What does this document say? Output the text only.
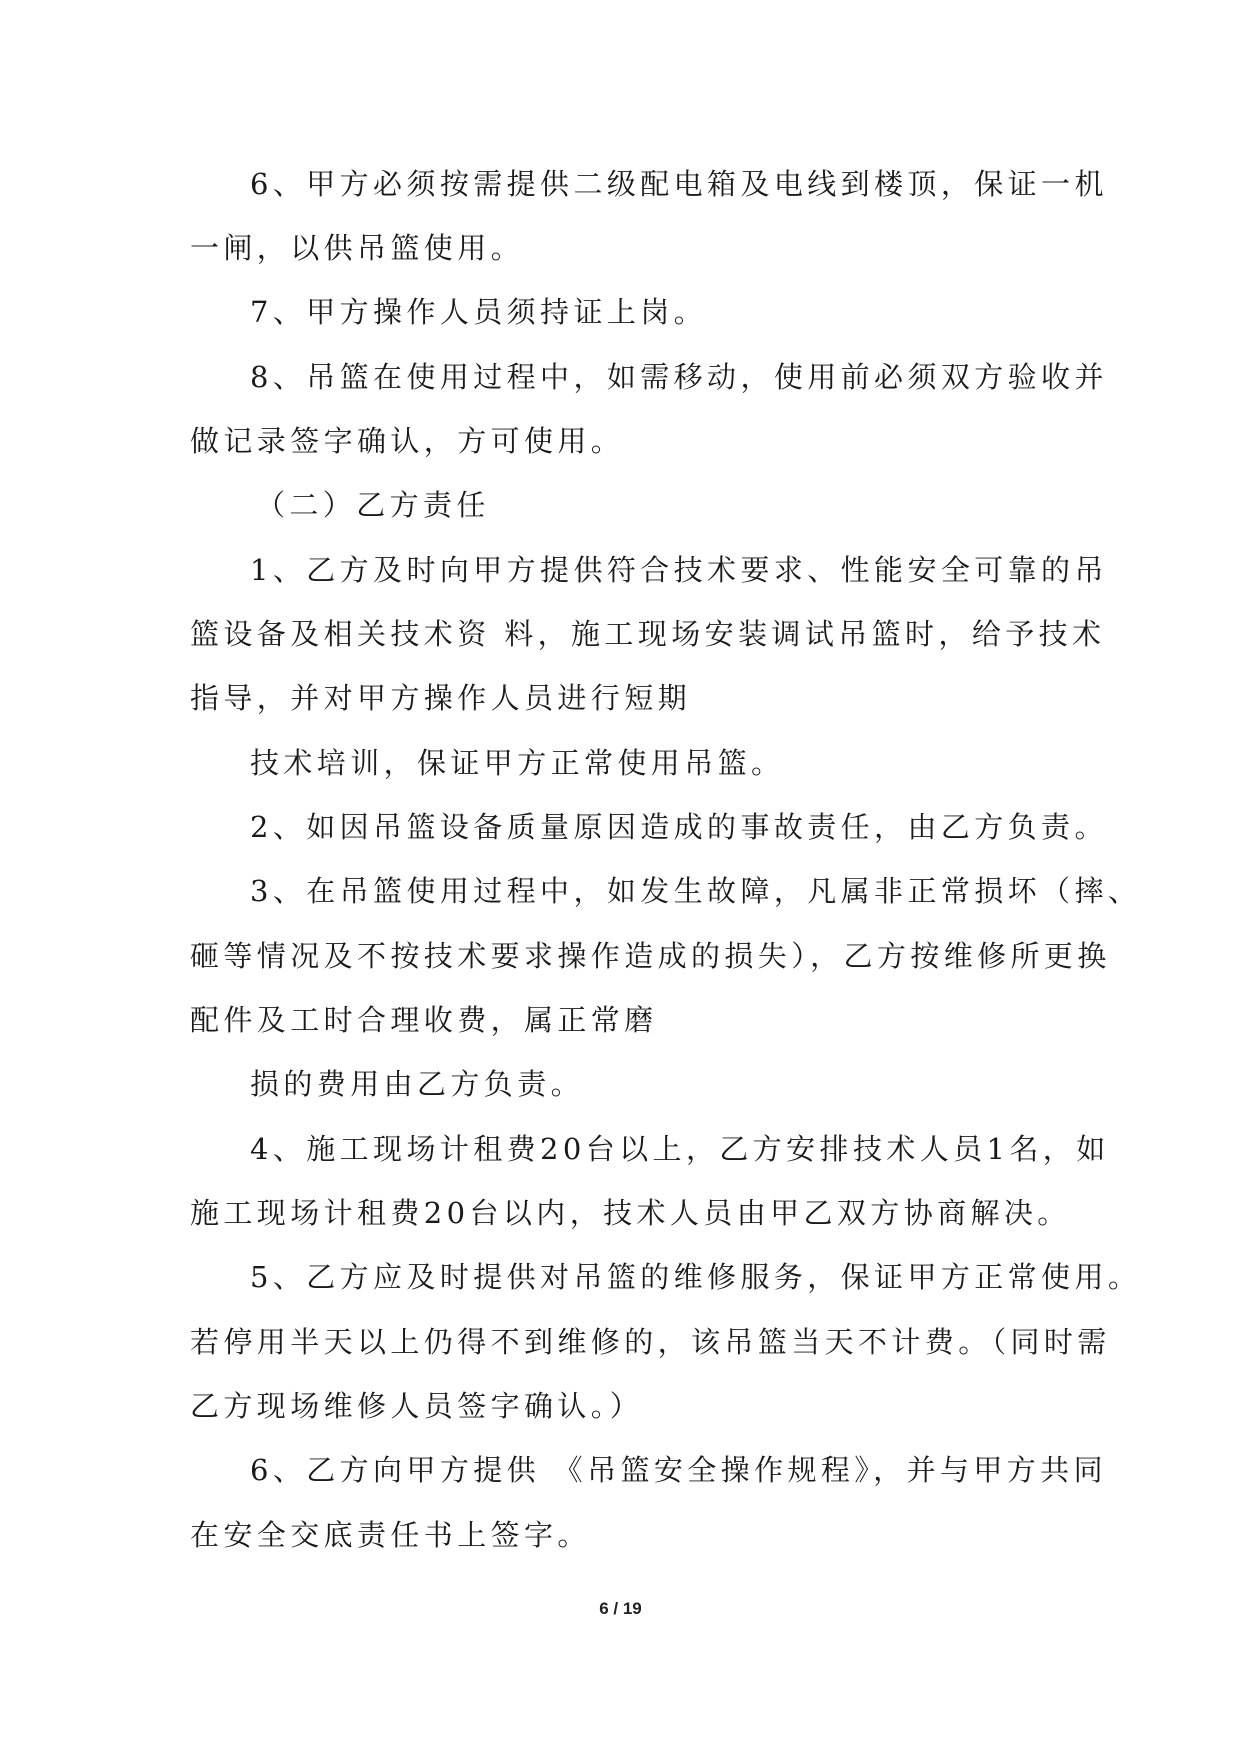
6、甲方必须按需提供二级配电箱及电线到楼顶，保证一机
一闸，以供吊篮使用。
7、甲方操作人员须持证上岗。
8、吊篮在使用过程中，如需移动，使用前必须双方验收并
做记录签字确认，方可使用。
（二）乙方责任
1、乙方及时向甲方提供符合技术要求、性能安全可靠的吊
篮设备及相关技术资 料，施工现场安装调试吊篮时，给予技术
指导，并对甲方操作人员进行短期
技术培训，保证甲方正常使用吊篮。
2、如因吊篮设备质量原因造成的事故责任，由乙方负责。
3、在吊篮使用过程中，如发生故障，凡属非正常损坏（摔、
砸等情况及不按技术要求操作造成的损失），乙方按维修所更换
配件及工时合理收费，属正常磨
损的费用由乙方负责。
4、施工现场计租费20台以上，乙方安排技术人员1名，如
施工现场计租费20台以内，技术人员由甲乙双方协商解决。
5、乙方应及时提供对吊篮的维修服务，保证甲方正常使用。
若停用半天以上仍得不到维修的，该吊篮当天不计费。（同时需
乙方现场维修人员签字确认。）
6、乙方向甲方提供 《吊篮安全操作规程》，并与甲方共同
在安全交底责任书上签字。
6 / 19
